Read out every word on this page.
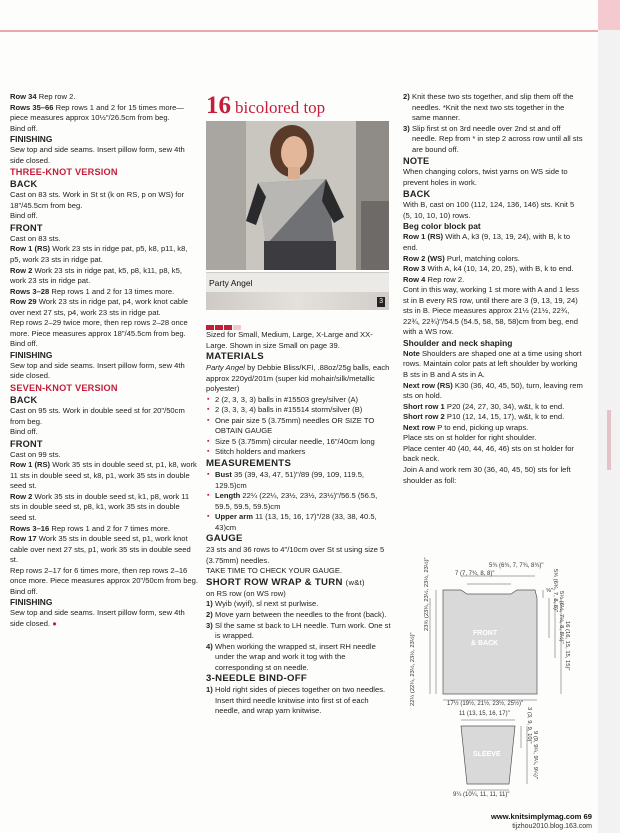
Row 34 Rep row 2.

Rows 35–66 Rep rows 1 and 2 for 15 times more—piece measures approx 10½"/26.5cm from beg.

Bind off.

FINISHING

Sew top and side seams. Insert pillow form, sew 4th side closed.

THREE-KNOT VERSION

BACK

Cast on 83 sts. Work in St st (k on RS, p on WS) for 18"/45.5cm from beg.

Bind off.

FRONT

Cast on 83 sts.

Row 1 (RS) Work 23 sts in ridge pat, p5, k8, p11, k8, p5, work 23 sts in ridge pat.

Row 2 Work 23 sts in ridge pat, k5, p8, k11, p8, k5, work 23 sts in ridge pat.

Rows 3–28 Rep rows 1 and 2 for 13 times more.

Row 29 Work 23 sts in ridge pat, p4, work knot cable over next 27 sts, p4, work 23 sts in ridge pat.

Rep rows 2–29 twice more, then rep rows 2–28 once more. Piece measures approx 18"/45.5cm from beg.

Bind off.

FINISHING

Sew top and side seams. Insert pillow form, sew 4th side closed.

SEVEN-KNOT VERSION

BACK

Cast on 95 sts. Work in double seed st for 20"/50cm from beg.

Bind off.

FRONT

Cast on 99 sts.

Row 1 (RS) Work 35 sts in double seed st, p1, k8, work 11 sts in double seed st, k8, p1, work 35 sts in double seed st.

Row 2 Work 35 sts in double seed st, k1, p8, work 11 sts in double seed st, p8, k1, work 35 sts in double seed st.

Rows 3–16 Rep rows 1 and 2 for 7 times more.

Row 17 Work 35 sts in double seed st, p1, work knot cable over next 27 sts, p1, work 35 sts in double seed st.

Rep rows 2–17 for 6 times more, then rep rows 2–16 once more. Piece measures approx 20"/50cm from beg.

Bind off.

FINISHING

Sew top and side seams. Insert pillow form, sew 4th side closed. ●

16 bicolored top
Party Angel
3

Sized for Small, Medium, Large, X-Large and XX-Large. Shown in size Small on page 39.

MATERIALS

Party Angel by Debbie Bliss/KFI, .88oz/25g balls, each approx 220yd/201m (super kid mohair/silk/metallic polyester)

▪ 2 (2, 3, 3, 3) balls in #15503 grey/silver (A)
▪ 2 (3, 3, 3, 4) balls in #15514 storm/silver (B)
▪ One pair size 5 (3.75mm) needles OR SIZE TO OBTAIN GAUGE
▪ Size 5 (3.75mm) circular needle, 16"/40cm long
▪ Stitch holders and markers

MEASUREMENTS

▪ Bust 35 (39, 43, 47, 51)"/89 (99, 109, 119.5, 129.5)cm
▪ Length 22¼ (22¼, 23½, 23½, 23½)"/56.5 (56.5, 59.5, 59.5, 59.5)cm
▪ Upper arm 11 (13, 15, 16, 17)"/28 (33, 38, 40.5, 43)cm

GAUGE

23 sts and 36 rows to 4"/10cm over St st using size 5 (3.75mm) needles.

TAKE TIME TO CHECK YOUR GAUGE.

SHORT ROW WRAP & TURN (w&t)

on RS row (on WS row)

1) Wyib (wyif), sl next st purlwise.
2) Move yarn between the needles to the front (back).
3) Sl the same st back to LH needle. Turn work. One st is wrapped.
4) When working the wrapped st, insert RH needle under the wrap and work it tog with the corresponding st on needle.

3-NEEDLE BIND-OFF

1) Hold right sides of pieces together on two needles. Insert third needle knitwise into first st of each needle, and wrap yarn knitwise.
2) Knit these two sts together, and slip them off the needles. *Knit the next two sts together in the same manner.
3) Slip first st on 3rd needle over 2nd st and off needle. Rep from * in step 2 across row until all sts are bound off.

NOTE

When changing colors, twist yarns on WS side to prevent holes in work.

BACK

With B, cast on 100 (112, 124, 136, 146) sts. Knit 5 (5, 10, 10, 10) rows.

Beg color block pat

Row 1 (RS) With A, k3 (9, 13, 19, 24), with B, k to end.

Row 2 (WS) Purl, matching colors.

Row 3 With A, k4 (10, 14, 20, 25), with B, k to end.

Row 4 Rep row 2.

Cont in this way, working 1 st more with A and 1 less st in B every RS row, until there are 3 (9, 13, 19, 24) sts in B. Piece measures approx 21½ (21½, 22¾, 22¾, 22¾)"/54.5 (54.5, 58, 58, 58)cm from beg, end with a WS row.

Shoulder and neck shaping

Note Shoulders are shaped one at a time using short rows. Maintain color pats at left shoulder by working B sts in B and A sts in A.

Next row (RS) K30 (36, 40, 45, 50), turn, leaving rem sts on hold.

Short row 1 P20 (24, 27, 30, 34), w&t, k to end.

Short row 2 P10 (12, 14, 15, 17), w&t, k to end.

Next row P to end, picking up wraps.

Place sts on st holder for right shoulder.

Place center 40 (40, 44, 46, 46) sts on st holder for back neck.

Join A and work rem 30 (36, 40, 45, 50) sts for left shoulder as foll:

5¾ (6¾, 7, 7¾, 8¾)"
7 (7, 7¾, 8, 8)"
FRONT
& BACK
23¾ (23¾, 23½, 23½, 23½)"
22¼ (22¼, 23½, 23½, 23½)"
⅝" 5¾ (6¾, 7, 8, 8)"
5½ (6½, 7½, 8, 8½)"
16 (16, 15, 15, 15)"
17½ (19½, 21½, 23½, 25½)"
11 (13, 15, 16, 17)"
SLEEVE
3 (3, 9, 9, 10)"
9 (9, 9¼, 9¼, 9¼)"
9¼ (10¼, 11, 11, 11)"
www.knitsimplymag.com 69
tijzhou2010.blog.163.com
